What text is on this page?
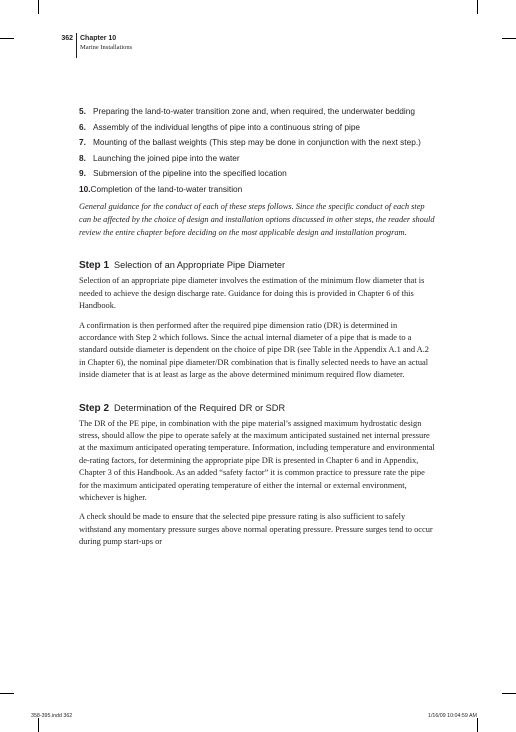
362 Chapter 10
Marine Installations
5. Preparing the land-to-water transition zone and, when required, the underwater bedding
6. Assembly of the individual lengths of pipe into a continuous string of pipe
7. Mounting of the ballast weights (This step may be done in conjunction with the next step.)
8. Launching the joined pipe into the water
9. Submersion of the pipeline into the specified location
10.Completion of the land-to-water transition

General guidance for the conduct of each of these steps follows. Since the specific conduct of each step can be affected by the choice of design and installation options discussed in other steps, the reader should review the entire chapter before deciding on the most applicable design and installation program.

Step 1 Selection of an Appropriate Pipe Diameter

Selection of an appropriate pipe diameter involves the estimation of the minimum flow diameter that is needed to achieve the design discharge rate. Guidance for doing this is provided in Chapter 6 of this Handbook.

A confirmation is then performed after the required pipe dimension ratio (DR) is determined in accordance with Step 2 which follows. Since the actual internal diameter of a pipe that is made to a standard outside diameter is dependent on the choice of pipe DR (see Table in the Appendix A.1 and A.2 in Chapter 6), the nominal pipe diameter/DR combination that is finally selected needs to have an actual inside diameter that is at least as large as the above determined minimum required flow diameter.

Step 2 Determination of the Required DR or SDR

The DR of the PE pipe, in combination with the pipe material’s assigned maximum hydrostatic design stress, should allow the pipe to operate safely at the maximum anticipated sustained net internal pressure at the maximum anticipated operating temperature. Information, including temperature and environmental de-rating factors, for determining the appropriate pipe DR is presented in Chapter 6 and in Appendix, Chapter 3 of this Handbook. As an added “safety factor” it is common practice to pressure rate the pipe for the maximum anticipated operating temperature of either the internal or external environment, whichever is higher.

A check should be made to ensure that the selected pipe pressure rating is also sufficient to safely withstand any momentary pressure surges above normal operating pressure. Pressure surges tend to occur during pump start-ups or

358-395.indd 362	1/16/09 10:04:59 AM
